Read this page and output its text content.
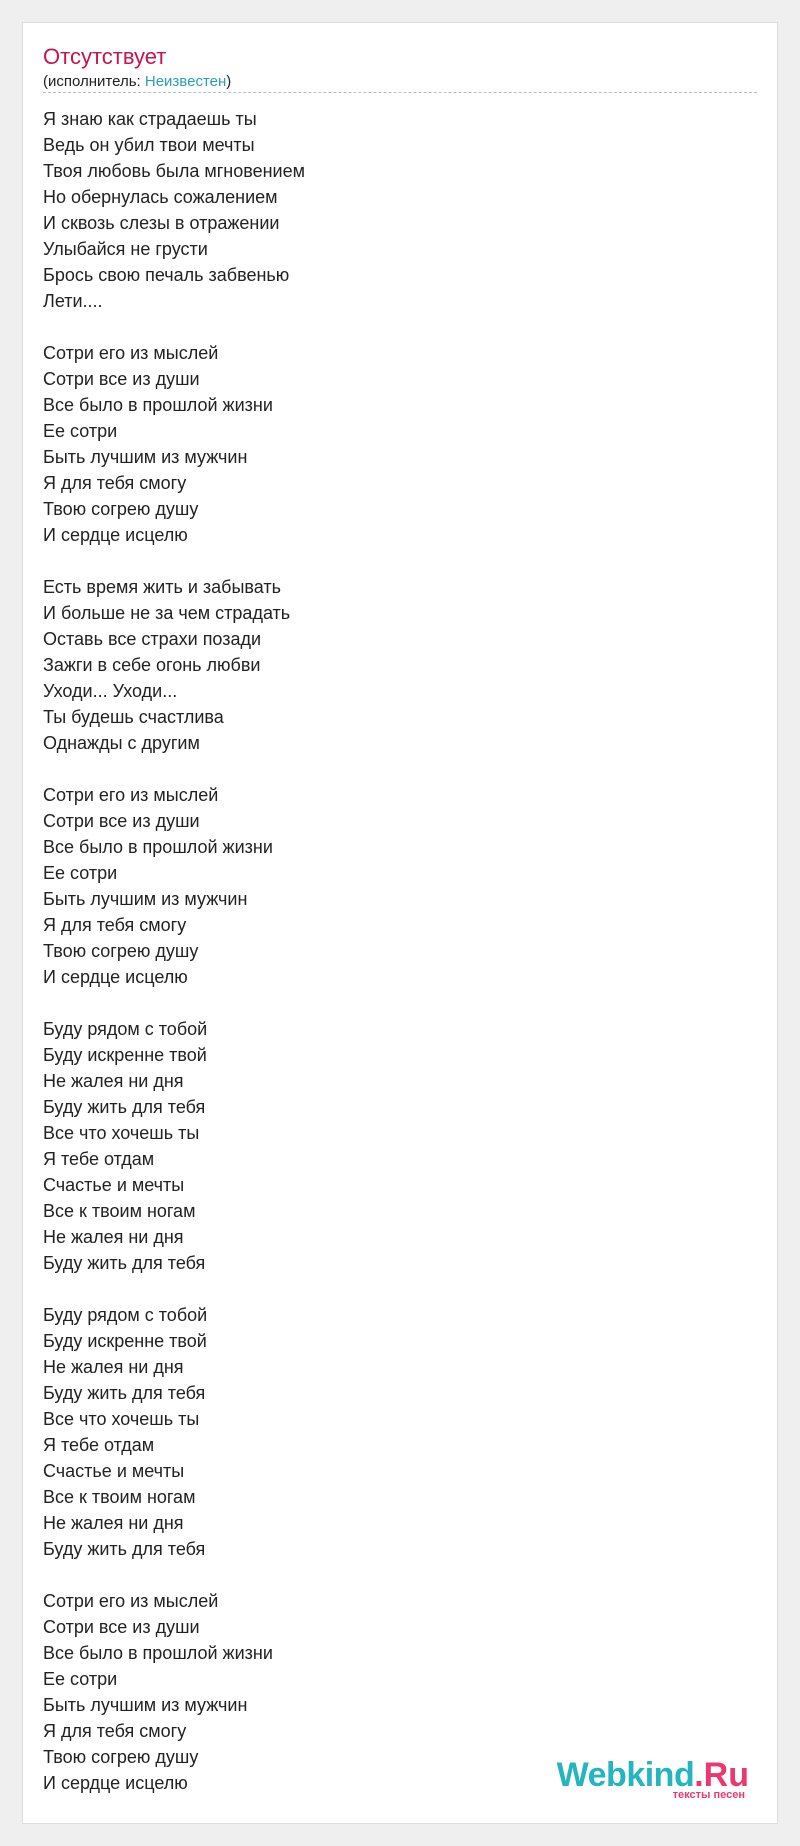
Отсутствует
(исполнитель: Неизвестен)
Я знаю как страдаешь ты
Ведь он убил твои мечты
Твоя любовь была мгновением
Но обернулась сожалением
И сквозь слезы в отражении
Улыбайся не грусти
Брось свою печаль забвенью
Лети....
Сотри его из мыслей
Сотри все из души
Все было в прошлой жизни
Ее сотри
Быть лучшим из мужчин
Я для тебя смогу
Твою согрею душу
И сердце исцелю
Есть время жить и забывать
И больше не за чем страдать
Оставь все страхи позади
Зажги в себе огонь любви
Уходи... Уходи...
Ты будешь счастлива
Однажды с другим
Сотри его из мыслей
Сотри все из души
Все было в прошлой жизни
Ее сотри
Быть лучшим из мужчин
Я для тебя смогу
Твою согрею душу
И сердце исцелю
Буду рядом с тобой
Буду искренне твой
Не жалея ни дня
Буду жить для тебя
Все что хочешь ты
Я тебе отдам
Счастье и мечты
Все к твоим ногам
Не жалея ни дня
Буду жить для тебя
Буду рядом с тобой
Буду искренне твой
Не жалея ни дня
Буду жить для тебя
Все что хочешь ты
Я тебе отдам
Счастье и мечты
Все к твоим ногам
Не жалея ни дня
Буду жить для тебя
Сотри его из мыслей
Сотри все из души
Все было в прошлой жизни
Ее сотри
Быть лучшим из мужчин
Я для тебя смогу
Твою согрею душу
И сердце исцелю	Webkind.Ru
тексты песен
